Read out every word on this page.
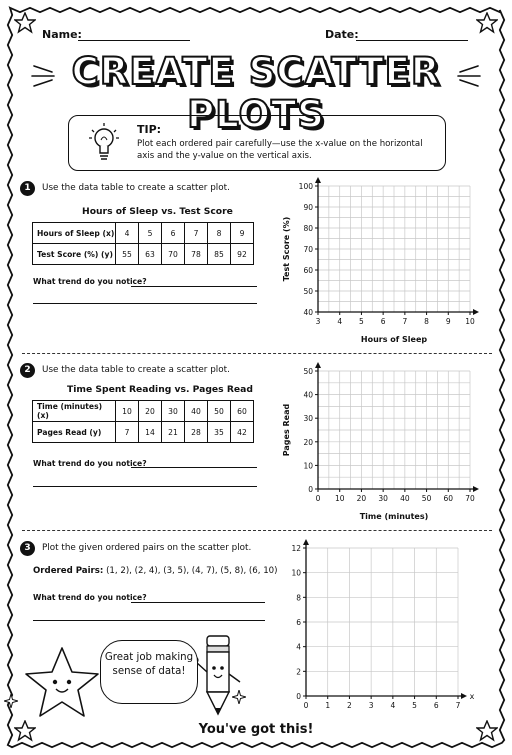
Name:	Date:
CREATE SCATTER PLOTS
TIP:
Plot each ordered pair carefully—use the x-value on the horizontal axis and the y-value on the vertical axis.
1	Use the data table to create a scatter plot.
Hours of Sleep vs. Test Score
Hours of Sleep (x)	4	5	6	7	8	9
Test Score (%) (y)	55	63	70	78	85	92
What trend do you notice?
2	Use the data table to create a scatter plot.
Time Spent Reading vs. Pages Read
Time (minutes) (x)	10	20	30	40	50	60
Pages Read (y)	7	14	21	28	35	42
What trend do you notice?
3	Plot the given ordered pairs on the scatter plot.
Ordered Pairs: (1, 2), (2, 4), (3, 5), (4, 7), (5, 8), (6, 10)
What trend do you notice?
3 4 5 6 7 8 9 10
40
50
60
70
80
90
100
Hours of Sleep
Test Score (%)
0 10 20 30 40 50 60 70
0
10
20
30
40
50
Time (minutes)
Pages Read
0 1 2 3 4 5 6 7
0
2
4
6
8
10
12
x
Great job making sense of data!
You've got this!
